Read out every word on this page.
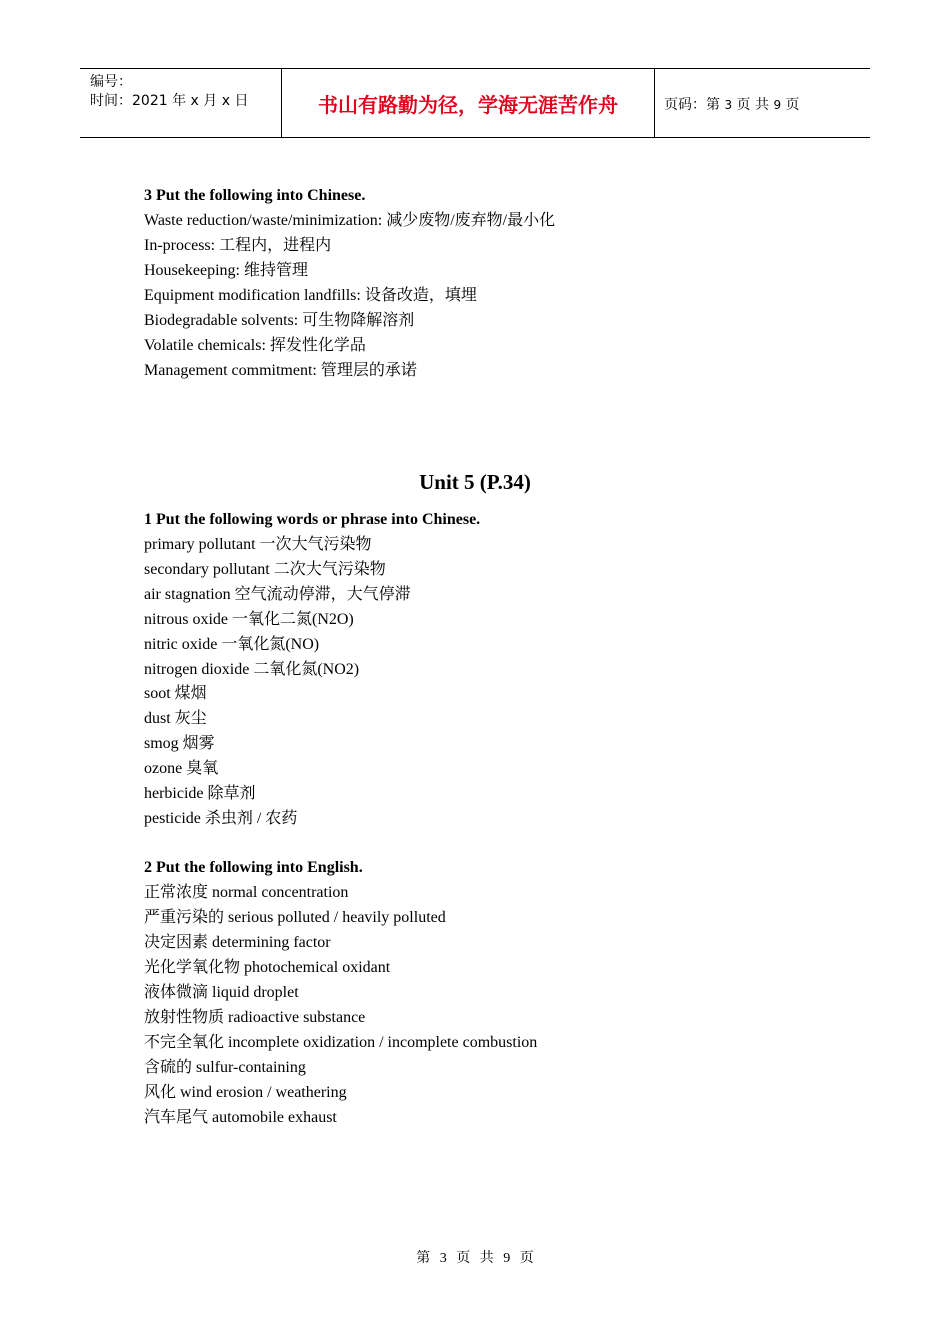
编号：
时间：2021 年 x 月 x 日	书山有路勤为径，学海无涯苦作舟	页码：第 3 页 共 9 页
3 Put the following into Chinese.
Waste reduction/waste/minimization: 减少废物/废弃物/最小化
In-process: 工程内，进程内
Housekeeping: 维持管理
Equipment modification landfills: 设备改造，填埋
Biodegradable solvents: 可生物降解溶剂
Volatile chemicals: 挥发性化学品
Management commitment: 管理层的承诺
Unit 5 (P.34)
1 Put the following words or phrase into Chinese.
primary pollutant 一次大气污染物
secondary pollutant 二次大气污染物
air stagnation 空气流动停滞，大气停滞
nitrous oxide 一氧化二氮(N2O)
nitric oxide 一氧化氮(NO)
nitrogen dioxide 二氧化氮(NO2)
soot 煤烟
dust 灰尘
smog 烟雾
ozone 臭氧
herbicide 除草剂
pesticide 杀虫剂 / 农药
2 Put the following into English.
正常浓度 normal concentration
严重污染的 serious polluted / heavily polluted
决定因素 determining factor
光化学氧化物 photochemical oxidant
液体微滴 liquid droplet
放射性物质 radioactive substance
不完全氧化 incomplete oxidization / incomplete combustion
含硫的 sulfur-containing
风化 wind erosion / weathering
汽车尾气 automobile exhaust
第 3 页 共 9 页
